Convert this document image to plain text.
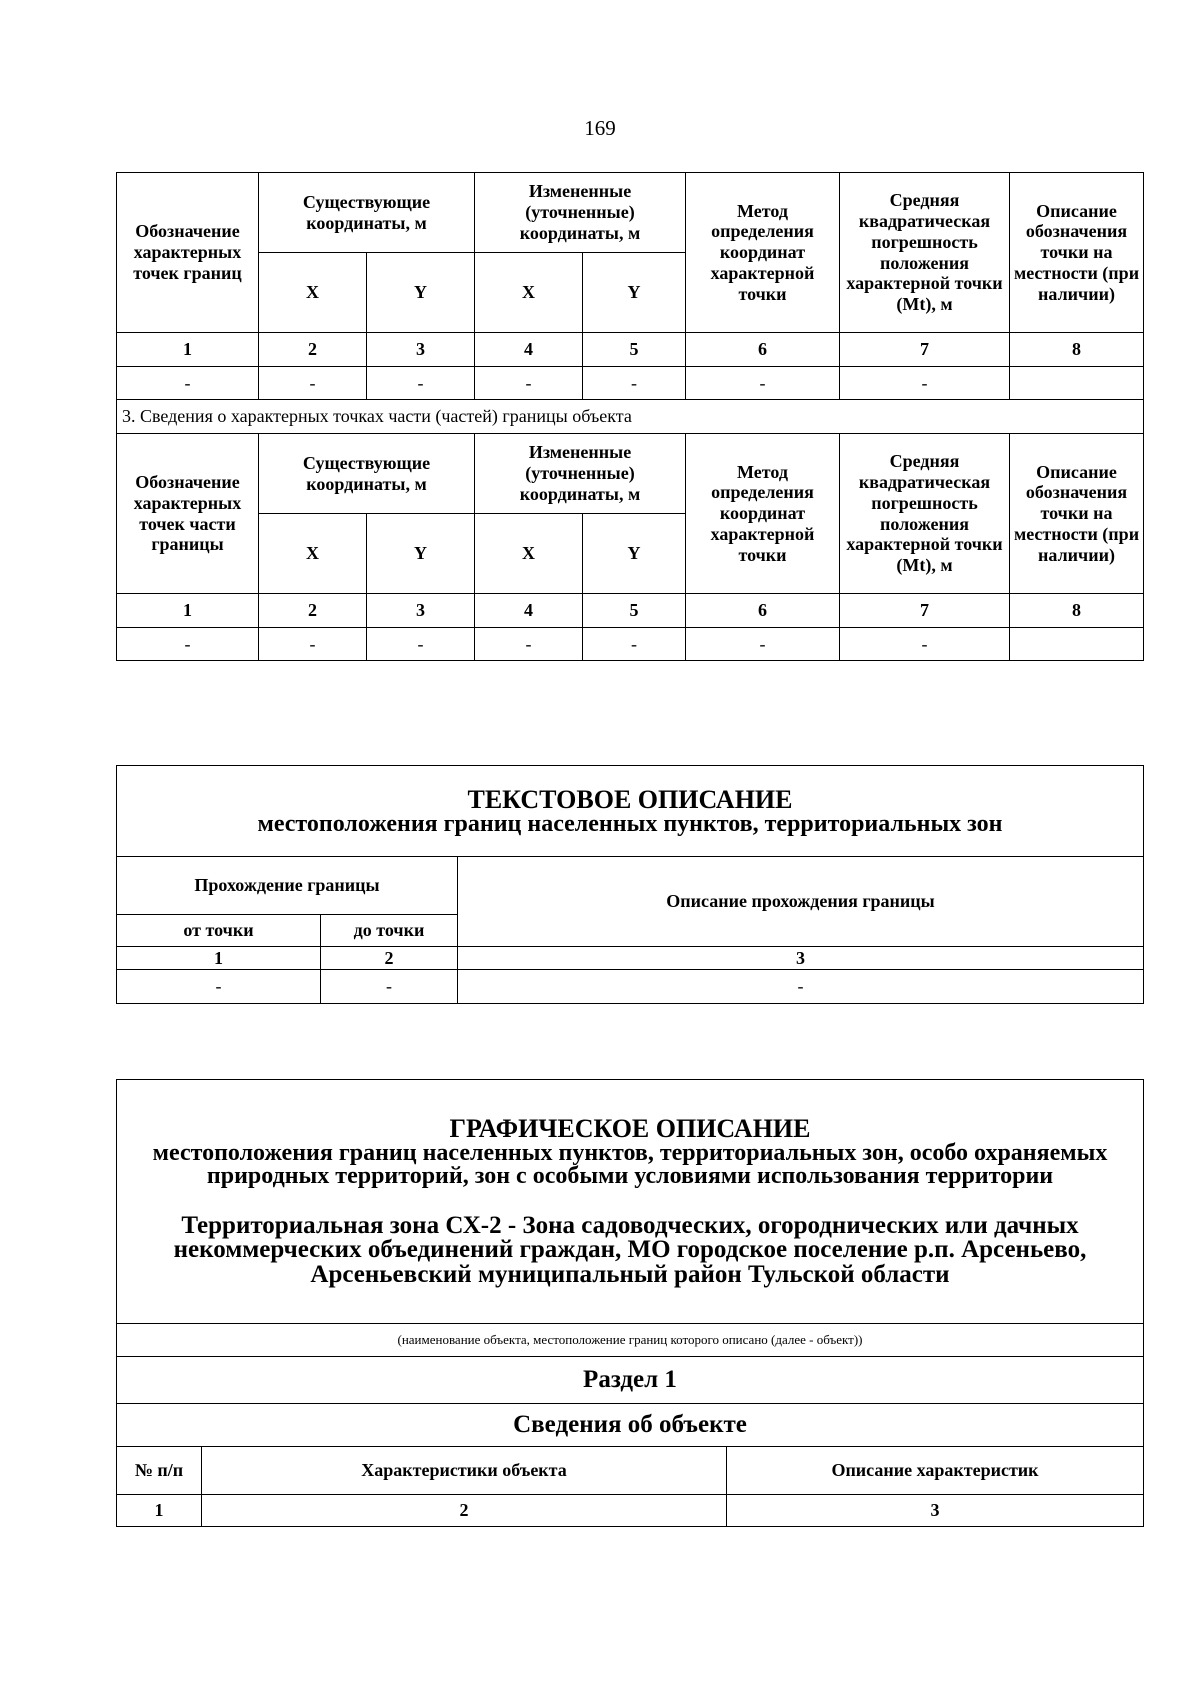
169
Обозначение характерных точек границ	Существующие координаты, м		Измененные (уточненные) координаты, м		Метод определения координат характерной точки	Средняя квадратическая погрешность положения характерной точки (Mt), м	Описание обозначения точки на местности (при наличии)
	X	Y	X	Y			
1	2	3	4	5	6	7	8
-	-	-	-	-	-	-	
3. Сведения о характерных точках части (частей) границы объекта							
Обозначение характерных точек части границы	Существующие координаты, м		Измененные (уточненные) координаты, м		Метод определения координат характерной точки	Средняя квадратическая погрешность положения характерной точки (Mt), м	Описание обозначения точки на местности (при наличии)
	X	Y	X	Y			
1	2	3	4	5	6	7	8
-	-	-	-	-	-	-	
ТЕКСТОВОЕ ОПИСАНИЕ
местоположения границ населенных пунктов, территориальных зон		

Прохождение границы		Описание прохождения границы
от точки	до точки	
1	2	3
-	-	-
ГРАФИЧЕСКОЕ ОПИСАНИЕ
местоположения границ населенных пунктов, территориальных зон, особо охраняемых природных территорий, зон с особыми условиями использования территории
Территориальная зона СХ-2 - Зона садоводческих, огороднических или дачных некоммерческих объединений граждан, МО городское поселение р.п. Арсеньево, Арсеньевский муниципальный район Тульской области		

(наименование объекта, местоположение границ которого описано (далее - объект))		
Раздел 1		
Сведения об объекте		
№ п/п	Характеристики объекта	Описание характеристик
1	2	3
